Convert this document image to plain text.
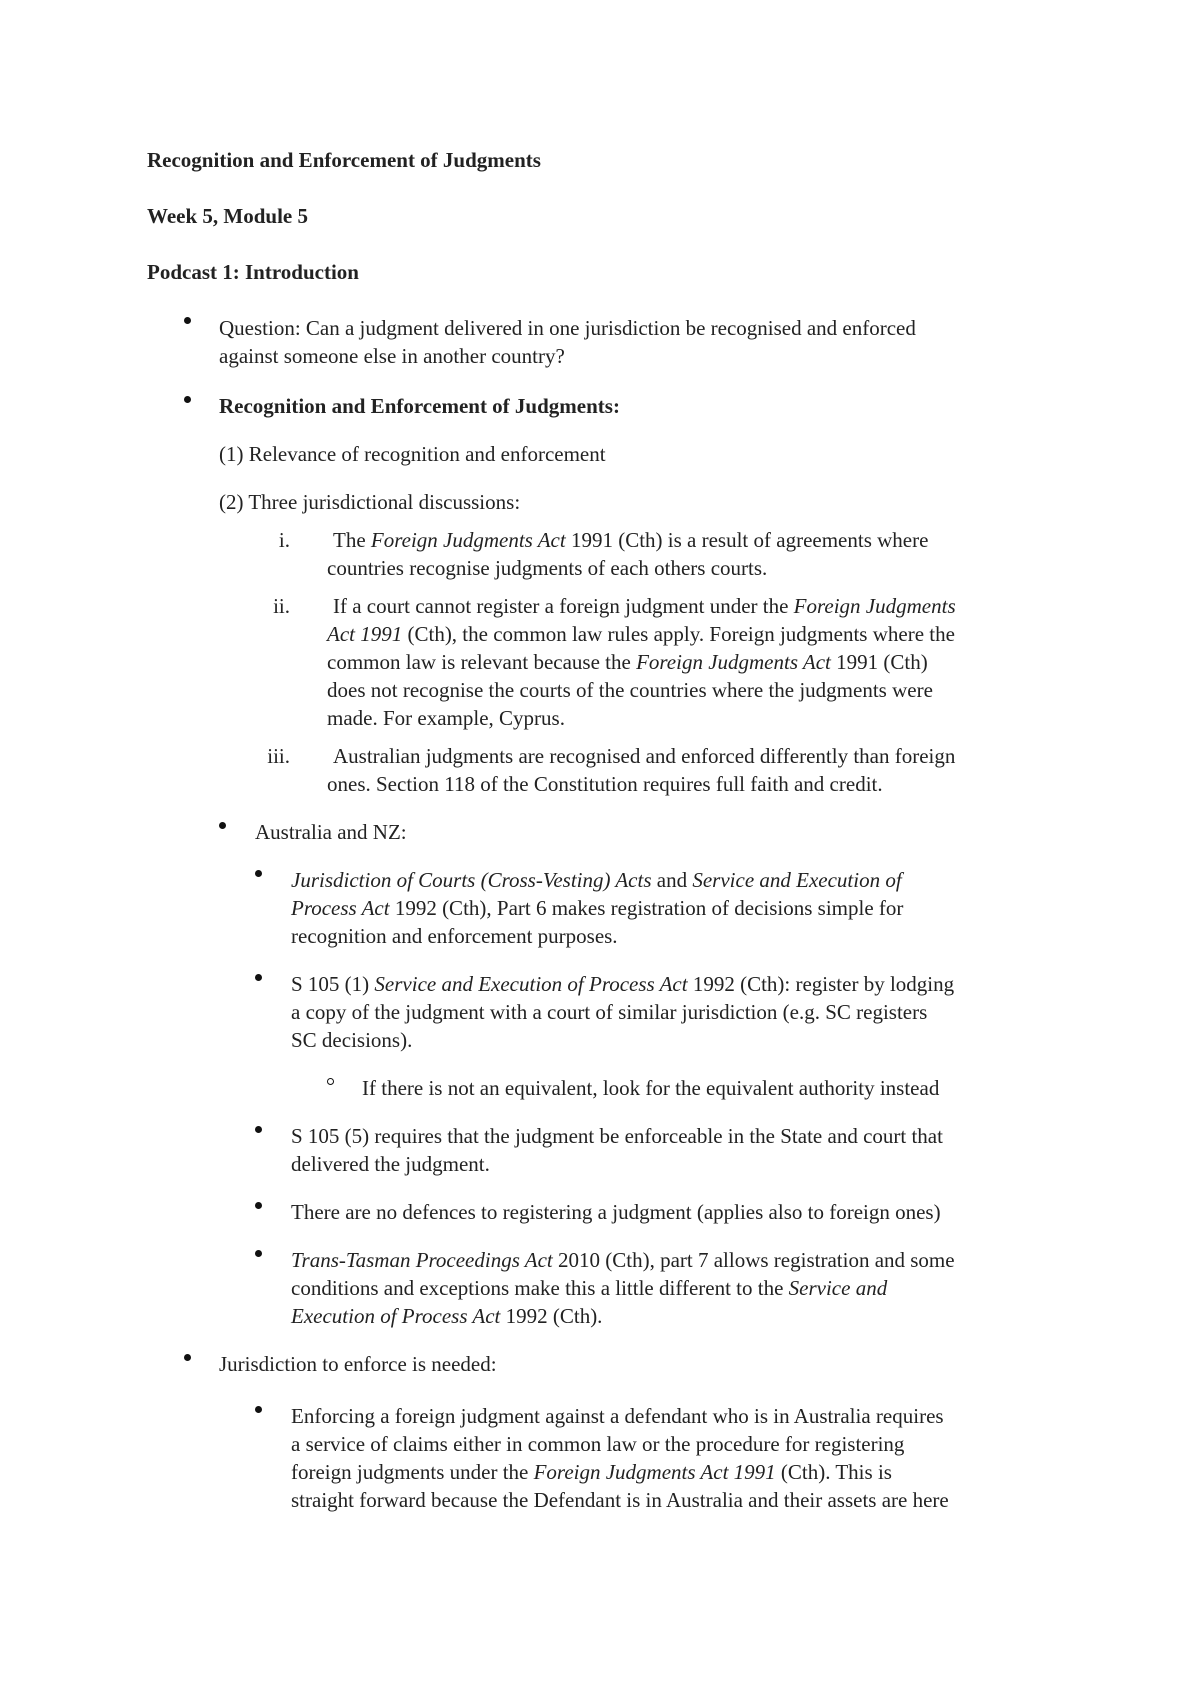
Recognition and Enforcement of Judgments
Week 5, Module 5
Podcast 1: Introduction
Question: Can a judgment delivered in one jurisdiction be recognised and enforced
against someone else in another country?
Recognition and Enforcement of Judgments:
(1) Relevance of recognition and enforcement
(2) Three jurisdictional discussions:
i. The Foreign Judgments Act 1991 (Cth) is a result of agreements where
countries recognise judgments of each others courts.
ii. If a court cannot register a foreign judgment under the Foreign Judgments
Act 1991 (Cth), the common law rules apply. Foreign judgments where the
common law is relevant because the Foreign Judgments Act 1991 (Cth)
does not recognise the courts of the countries where the judgments were
made. For example, Cyprus.
iii. Australian judgments are recognised and enforced differently than foreign
ones. Section 118 of the Constitution requires full faith and credit.
Australia and NZ:
Jurisdiction of Courts (Cross-Vesting) Acts and Service and Execution of
Process Act 1992 (Cth), Part 6 makes registration of decisions simple for
recognition and enforcement purposes.
S 105 (1) Service and Execution of Process Act 1992 (Cth): register by lodging
a copy of the judgment with a court of similar jurisdiction (e.g. SC registers
SC decisions).
If there is not an equivalent, look for the equivalent authority instead
S 105 (5) requires that the judgment be enforceable in the State and court that
delivered the judgment.
There are no defences to registering a judgment (applies also to foreign ones)
Trans-Tasman Proceedings Act 2010 (Cth), part 7 allows registration and some
conditions and exceptions make this a little different to the Service and
Execution of Process Act 1992 (Cth).
Jurisdiction to enforce is needed:
Enforcing a foreign judgment against a defendant who is in Australia requires
a service of claims either in common law or the procedure for registering
foreign judgments under the Foreign Judgments Act 1991 (Cth). This is
straight forward because the Defendant is in Australia and their assets are here
